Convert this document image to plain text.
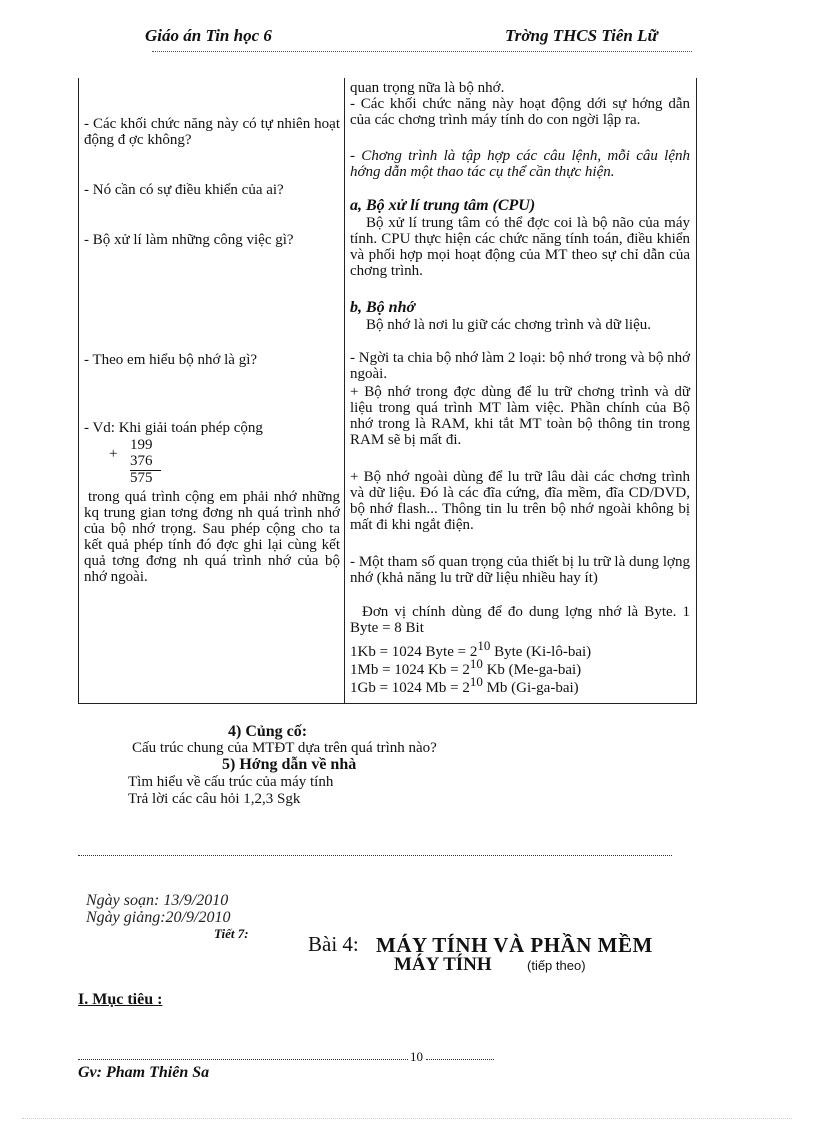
Giáo án Tin học 6	Trờng THCS Tiên Lữ
- Các khối chức năng này có tự nhiên hoạt động đ ợc không?
- Nó cần có sự điều khiển của ai?
- Bộ xử lí làm những công việc gì?
- Theo em hiểu bộ nhớ là gì?
- Vd: Khi giải toán phép cộng
199
+ 376
575
trong quá trình cộng em phải nhớ những kq trung gian tơng đơng nh quá trình nhớ của bộ nhớ trọng. Sau phép cộng cho ta kết quả phép tính đó đợc ghi lại cùng kết quả tơng đơng nh quá trình nhớ của bộ nhớ ngoài.
quan trọng nữa là bộ nhớ.
- Các khối chức năng này hoạt động dới sự hớng dẫn của các chơng trình máy tính do con ngời lập ra.
- Chơng trình là tập hợp các câu lệnh, mỗi câu lệnh hớng dẫn một thao tác cụ thể cần thực hiện.
a, Bộ xử lí trung tâm (CPU)
Bộ xử lí trung tâm có thể đợc coi là bộ não của máy tính. CPU thực hiện các chức năng tính toán, điều khiển và phối hợp mọi hoạt động của MT theo sự chỉ dẫn của chơng trình.
b, Bộ nhớ
Bộ nhớ là nơi lu giữ các chơng trình và dữ liệu.
- Ngời ta chia bộ nhớ làm 2 loại: bộ nhớ trong và bộ nhớ ngoài.
+ Bộ nhớ trong đợc dùng để lu trữ chơng trình và dữ liệu trong quá trình MT làm việc. Phần chính của Bộ nhớ trong là RAM, khi tắt MT toàn bộ thông tin trong RAM sẽ bị mất đi.
+ Bộ nhớ ngoài dùng để lu trữ lâu dài các chơng trình và dữ liệu. Đó là các đĩa cứng, đĩa mềm, đĩa CD/DVD, bộ nhớ flash... Thông tin lu trên bộ nhớ ngoài không bị mất đi khi ngắt điện.
- Một tham số quan trọng của thiết bị lu trữ là dung lợng nhớ (khả năng lu trữ dữ liệu nhiều hay ít)
Đơn vị chính dùng để đo dung lợng nhớ là Byte. 1 Byte = 8 Bit
1Kb = 1024 Byte = $2^{10}$ Byte (Ki-lô-bai)
1Mb = 1024 $Kb = 2^{10}$ Kb (Me-ga-bai)
1Gb = 1024 $Mb = 2^{10}$ Mb (Gi-ga-bai)
4) Củng cố:
Cấu trúc chung của MTĐT dựa trên quá trình nào?
5) Hớng dẫn về nhà
Tìm hiểu về cấu trúc của máy tính
Trả lời các câu hỏi 1,2,3 Sgk
Ngày soạn: 13/9/2010
Ngày giảng:20/9/2010
Tiết 7:	Bài 4: MÁY TÍNH VÀ PHẦN MỀM
MÁY TÍNH	(tiếp theo)
I. Mục tiêu :
10
Gv: Pham Thiên Sa
